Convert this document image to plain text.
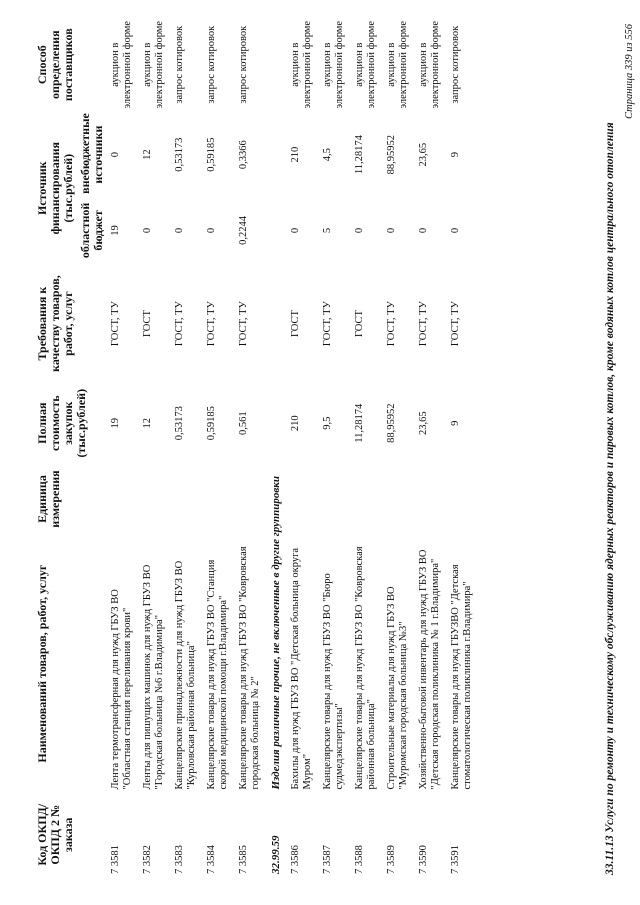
Код ОКПД/ ОКПД 2 № заказа	Наименований товаров, работ, услуг	Единица измерения	Полная стоимость закупок (тыс.рублей)	Требования к качеству товаров, работ, услуг	Источник финансирования (тыс.рублей)		Способ определения поставщиков
					областной бюджет	внебюджетные источники	
7 3581	Лента термотрансферная для нужд ГБУЗ ВО "Областная станция переливания крови"		19	ГОСТ, ТУ	19	0	аукцион в электронной форме
7 3582	Ленты для пишущих машинок для нужд ГБУЗ ВО "Городская больница №6 г.Владимира"		12	ГОСТ	0	12	аукцион в электронной форме
7 3583	Канцелярские принадлежности для нужд ГБУЗ ВО "Курловская районная больница"		0,53173	ГОСТ, ТУ	0	0,53173	запрос котировок
7 3584	Канцелярские товары для нужд ГБУЗ ВО "Станция скорой медицинской помощи г.Владимира"		0,59185	ГОСТ, ТУ	0	0,59185	запрос котировок
7 3585	Канцелярские товары для нужд ГБУЗ ВО "Ковровская городская больница № 2"		0,561	ГОСТ, ТУ	0,2244	0,3366	запрос котировок
32.99.59	Изделия различные прочие, не включенные в другие группировки						
7 3586	Бахилы для нужд ГБУЗ ВО "Детская больница округа Муром"		210	ГОСТ	0	210	аукцион в электронной форме
7 3587	Канцелярские товары для нужд ГБУЗ ВО "Бюро судмедэкспертизы"		9,5	ГОСТ, ТУ	5	4,5	аукцион в электронной форме
7 3588	Канцелярские товары для нужд ГБУЗ ВО "Ковровская районная больница"		11,28174	ГОСТ	0	11,28174	аукцион в электронной форме
7 3589	Строительные материалы для нужд ГБУЗ ВО "Муромская городская больница №3"		88,95952	ГОСТ, ТУ	0	88,95952	аукцион в электронной форме
7 3590	Хозяйственно-бытовой инвентарь для нужд ГБУЗ ВО "Детская городская поликлиника № 1 г.Владимира"		23,65	ГОСТ, ТУ	0	23,65	аукцион в электронной форме
7 3591	Канцелярские товары для нужд ГБУЗВО "Детская стоматологическая поликлиника г.Владимира"		9	ГОСТ, ТУ	0	9	запрос котировок
33.11.13 Услуги по ремонту и техническому обслуживанию ядерных реакторов и паровых котлов, кроме водяных котлов центрального отопления
Страница 339 из 556
